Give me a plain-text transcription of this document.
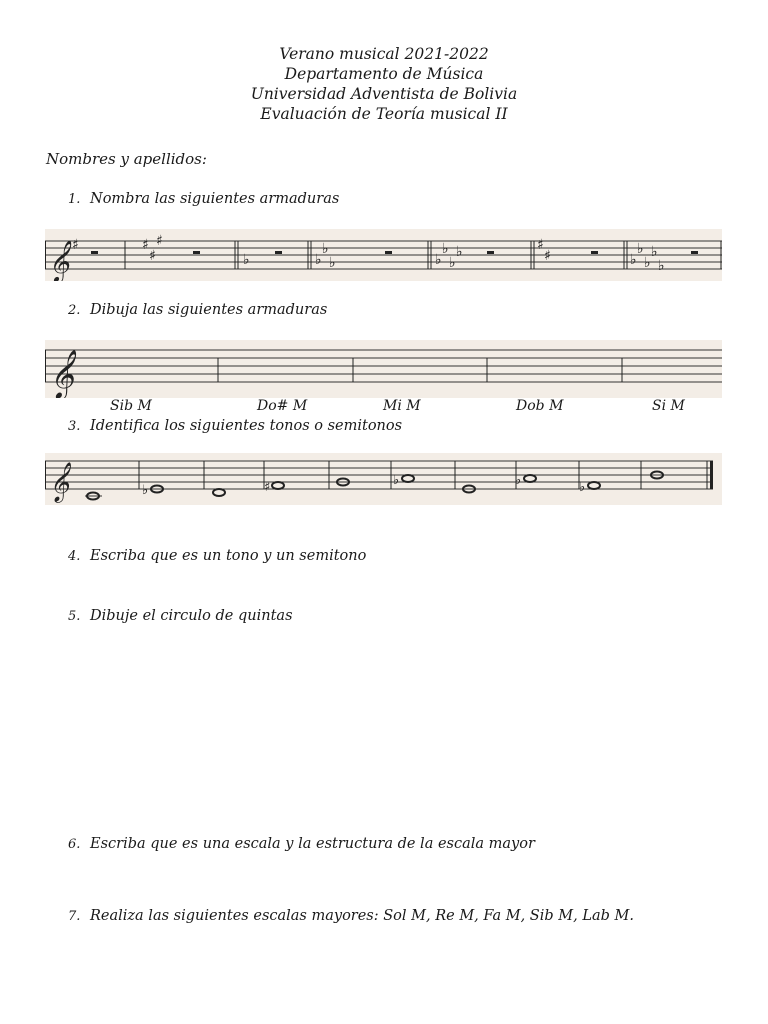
Verano musical 2021-2022
Departamento de Música
Universidad Adventista de Bolivia
Evaluación de Teoría musical II
Nombres y apellidos:
1. Nombra las siguientes armaduras
𝄞 ♯	♯
♯
♯
♭	♭
♭
♭	♭
♭
♭
♭	♯
♯	♭
♭
♭
♭
♭
2. Dibuja las siguientes armaduras
𝄞
Sib M	Do# M	Mi M	Dob M	Si M
3. Identifica los siguientes tonos o semitonos
𝄞	♭	♯	♭	♭	♭
4. Escriba que es un tono y un semitono
5. Dibuje el circulo de quintas
6. Escriba que es una escala y la estructura de la escala mayor
7. Realiza las siguientes escalas mayores: Sol M, Re M, Fa M, Sib M, Lab M.
